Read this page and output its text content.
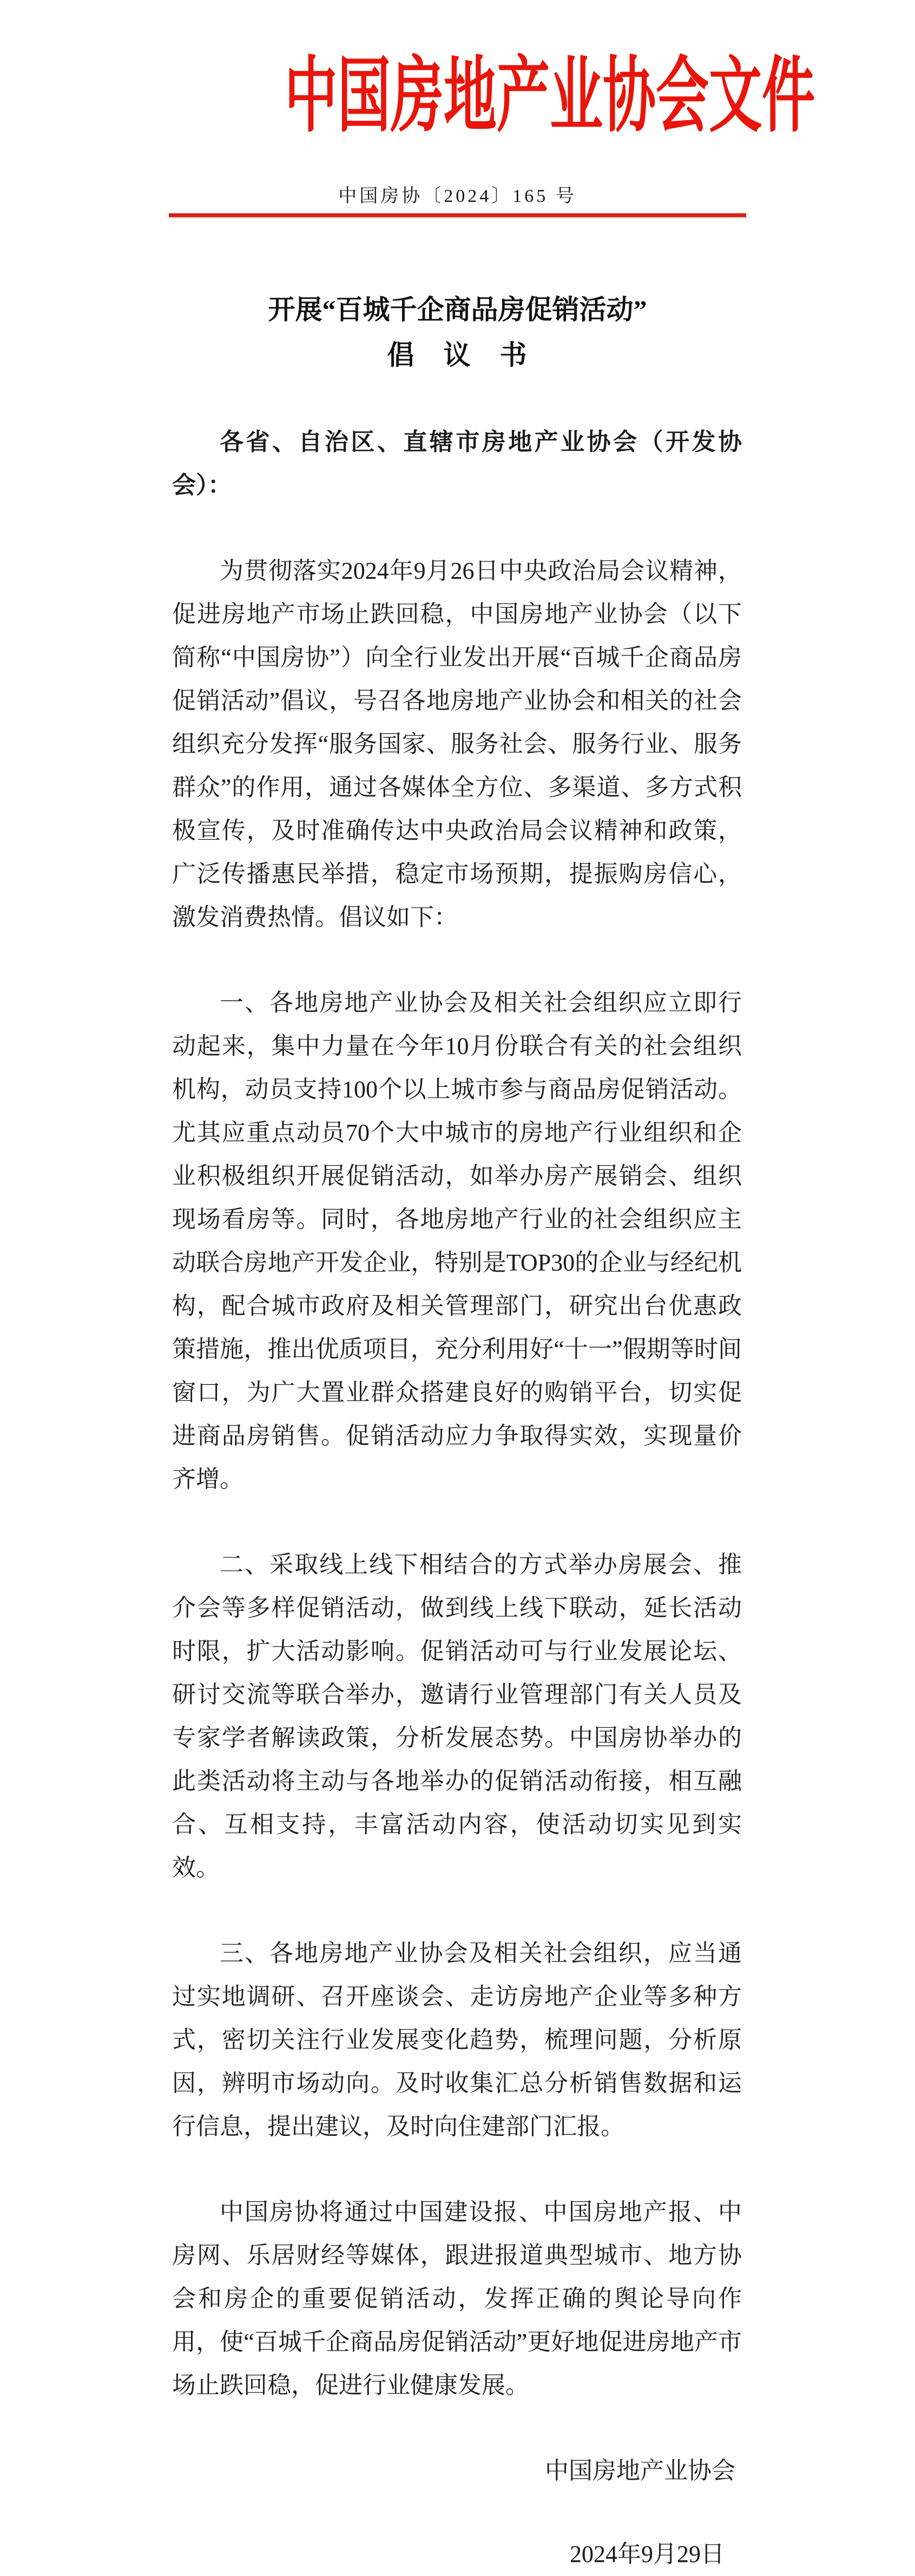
中国房地产业协会文件
中国房协〔2024〕165 号
开展“百城千企商品房促销活动”
倡　议　书

各省、自治区、直辖市房地产业协会（开发协会）：

为贯彻落实2024年9月26日中央政治局会议精神，促进房地产市场止跌回稳，中国房地产业协会（以下简称“中国房协”）向全行业发出开展“百城千企商品房促销活动”倡议，号召各地房地产业协会和相关的社会组织充分发挥“服务国家、服务社会、服务行业、服务群众”的作用，通过各媒体全方位、多渠道、多方式积极宣传，及时准确传达中央政治局会议精神和政策，广泛传播惠民举措，稳定市场预期，提振购房信心，激发消费热情。倡议如下：

一、各地房地产业协会及相关社会组织应立即行动起来，集中力量在今年10月份联合有关的社会组织机构，动员支持100个以上城市参与商品房促销活动。尤其应重点动员70个大中城市的房地产行业组织和企业积极组织开展促销活动，如举办房产展销会、组织现场看房等。同时，各地房地产行业的社会组织应主动联合房地产开发企业，特别是TOP30的企业与经纪机构，配合城市政府及相关管理部门，研究出台优惠政策措施，推出优质项目，充分利用好“十一”假期等时间窗口，为广大置业群众搭建良好的购销平台，切实促进商品房销售。促销活动应力争取得实效，实现量价齐增。

二、采取线上线下相结合的方式举办房展会、推介会等多样促销活动，做到线上线下联动，延长活动时限，扩大活动影响。促销活动可与行业发展论坛、研讨交流等联合举办，邀请行业管理部门有关人员及专家学者解读政策，分析发展态势。中国房协举办的此类活动将主动与各地举办的促销活动衔接，相互融合、互相支持，丰富活动内容，使活动切实见到实效。

三、各地房地产业协会及相关社会组织，应当通过实地调研、召开座谈会、走访房地产企业等多种方式，密切关注行业发展变化趋势，梳理问题，分析原因，辨明市场动向。及时收集汇总分析销售数据和运行信息，提出建议，及时向住建部门汇报。

中国房协将通过中国建设报、中国房地产报、中房网、乐居财经等媒体，跟进报道典型城市、地方协会和房企的重要促销活动，发挥正确的舆论导向作用，使“百城千企商品房促销活动”更好地促进房地产市场止跌回稳，促进行业健康发展。

中国房地产业协会
2024年9月29日
